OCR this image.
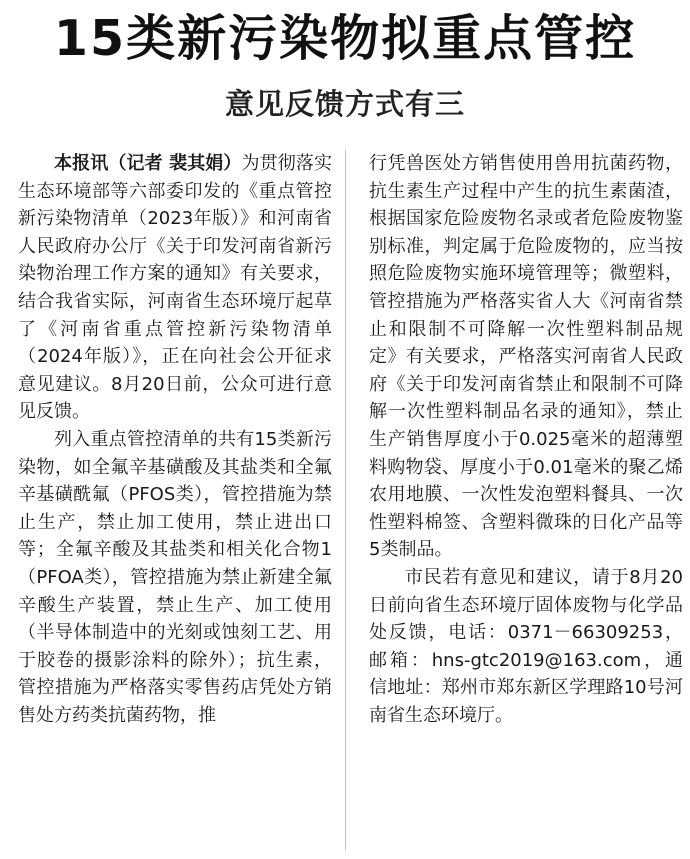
15类新污染物拟重点管控
意见反馈方式有三

本报讯（记者 裴其娟）为贯彻落实生态环境部等六部委印发的《重点管控新污染物清单（2023年版）》和河南省人民政府办公厅《关于印发河南省新污染物治理工作方案的通知》有关要求，结合我省实际，河南省生态环境厅起草了《河南省重点管控新污染物清单（2024年版）》，正在向社会公开征求意见建议。8月20日前，公众可进行意见反馈。

列入重点管控清单的共有15类新污染物，如全氟辛基磺酸及其盐类和全氟辛基磺酰氟（PFOS类），管控措施为禁止生产，禁止加工使用，禁止进出口等；全氟辛酸及其盐类和相关化合物1（PFOA类），管控措施为禁止新建全氟辛酸生产装置，禁止生产、加工使用（半导体制造中的光刻或蚀刻工艺、用于胶卷的摄影涂料的除外）；抗生素，管控措施为严格落实零售药店凭处方销售处方药类抗菌药物，推

行凭兽医处方销售使用兽用抗菌药物，抗生素生产过程中产生的抗生素菌渣，根据国家危险废物名录或者危险废物鉴别标准，判定属于危险废物的，应当按照危险废物实施环境管理等；微塑料，管控措施为严格落实省人大《河南省禁止和限制不可降解一次性塑料制品规定》有关要求，严格落实河南省人民政府《关于印发河南省禁止和限制不可降解一次性塑料制品名录的通知》，禁止生产销售厚度小于0.025毫米的超薄塑料购物袋、厚度小于0.01毫米的聚乙烯农用地膜、一次性发泡塑料餐具、一次性塑料棉签、含塑料微珠的日化产品等5类制品。

市民若有意见和建议，请于8月20日前向省生态环境厅固体废物与化学品处反馈，电话：0371－66309253，邮箱：hns-gtc2019@163.com，通信地址：郑州市郑东新区学理路10号河南省生态环境厅。
